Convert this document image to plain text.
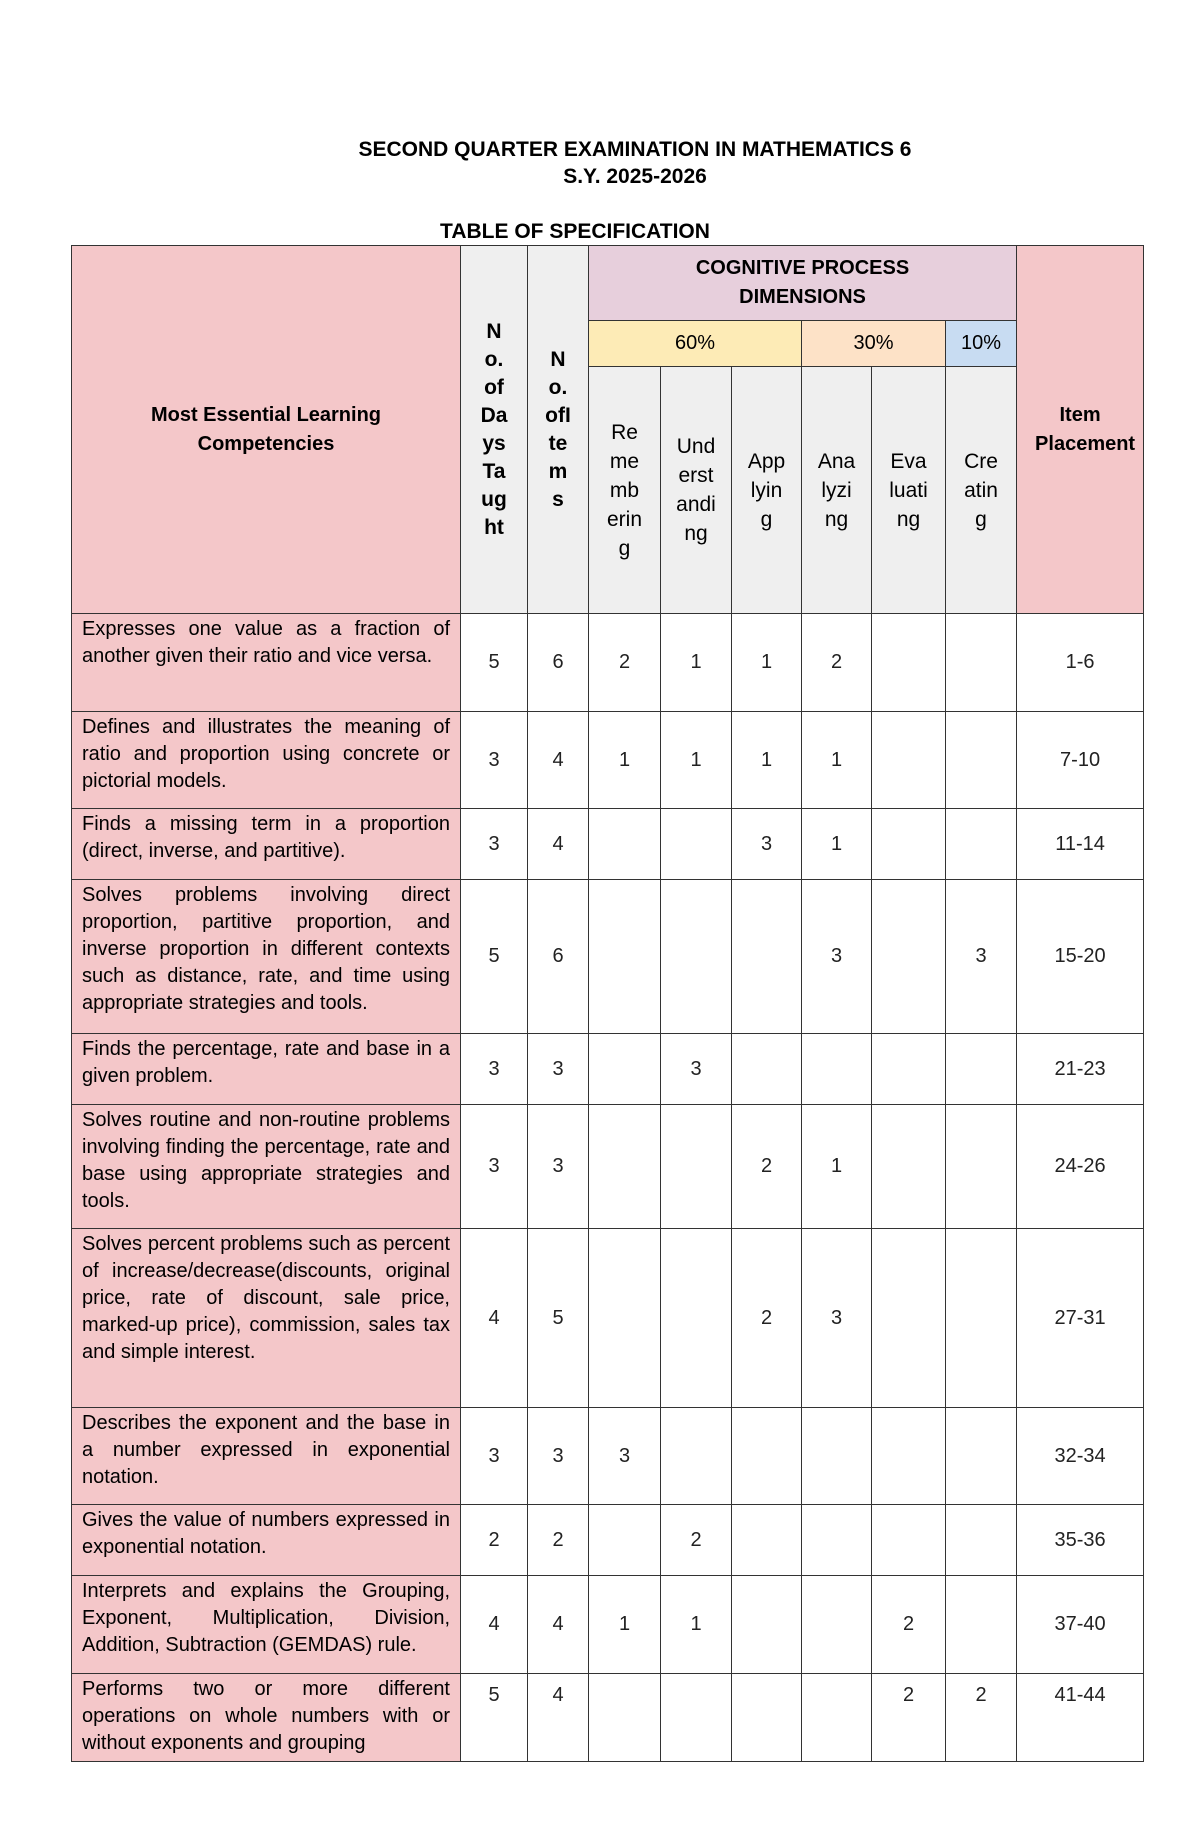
SECOND QUARTER EXAMINATION IN MATHEMATICS 6
S.Y. 2025-2026
TABLE OF SPECIFICATION
Most Essential Learning Competencies	No.ofDaysTaught	No.ofItems	COGNITIVE PROCESS DIMENSIONS						Item Placement

			60%			30%		10%	
			Remembering	Understanding	Applying	Analyzing	Evaluating	Creating	
Expresses one value as a fraction of another given their ratio and vice versa.	5	6	2	1	1	2			1-6
Defines and illustrates the meaning of ratio and proportion using concrete or pictorial models.	3	4	1	1	1	1			7-10
Finds a missing term in a proportion (direct, inverse, and partitive).	3	4			3	1			11-14
Solves problems involving direct proportion, partitive proportion, and inverse proportion in different contexts such as distance, rate, and time using appropriate strategies and tools.	5	6				3		3	15-20
Finds the percentage, rate and base in a given problem.	3	3		3					21-23
Solves routine and non-routine problems involving finding the percentage, rate and base using appropriate strategies and tools.	3	3			2	1			24-26
Solves percent problems such as percent of increase/decrease(discounts, original price, rate of discount, sale price, marked-up price), commission, sales tax and simple interest.	4	5			2	3			27-31
Describes the exponent and the base in a number expressed in exponential notation.	3	3	3						32-34
Gives the value of numbers expressed in exponential notation.	2	2		2					35-36
Interprets and explains the Grouping, Exponent, Multiplication, Division, Addition, Subtraction (GEMDAS) rule.	4	4	1	1			2		37-40
Performs two or more different operations on whole numbers with or without exponents and grouping	5	4					2	2	41-44
